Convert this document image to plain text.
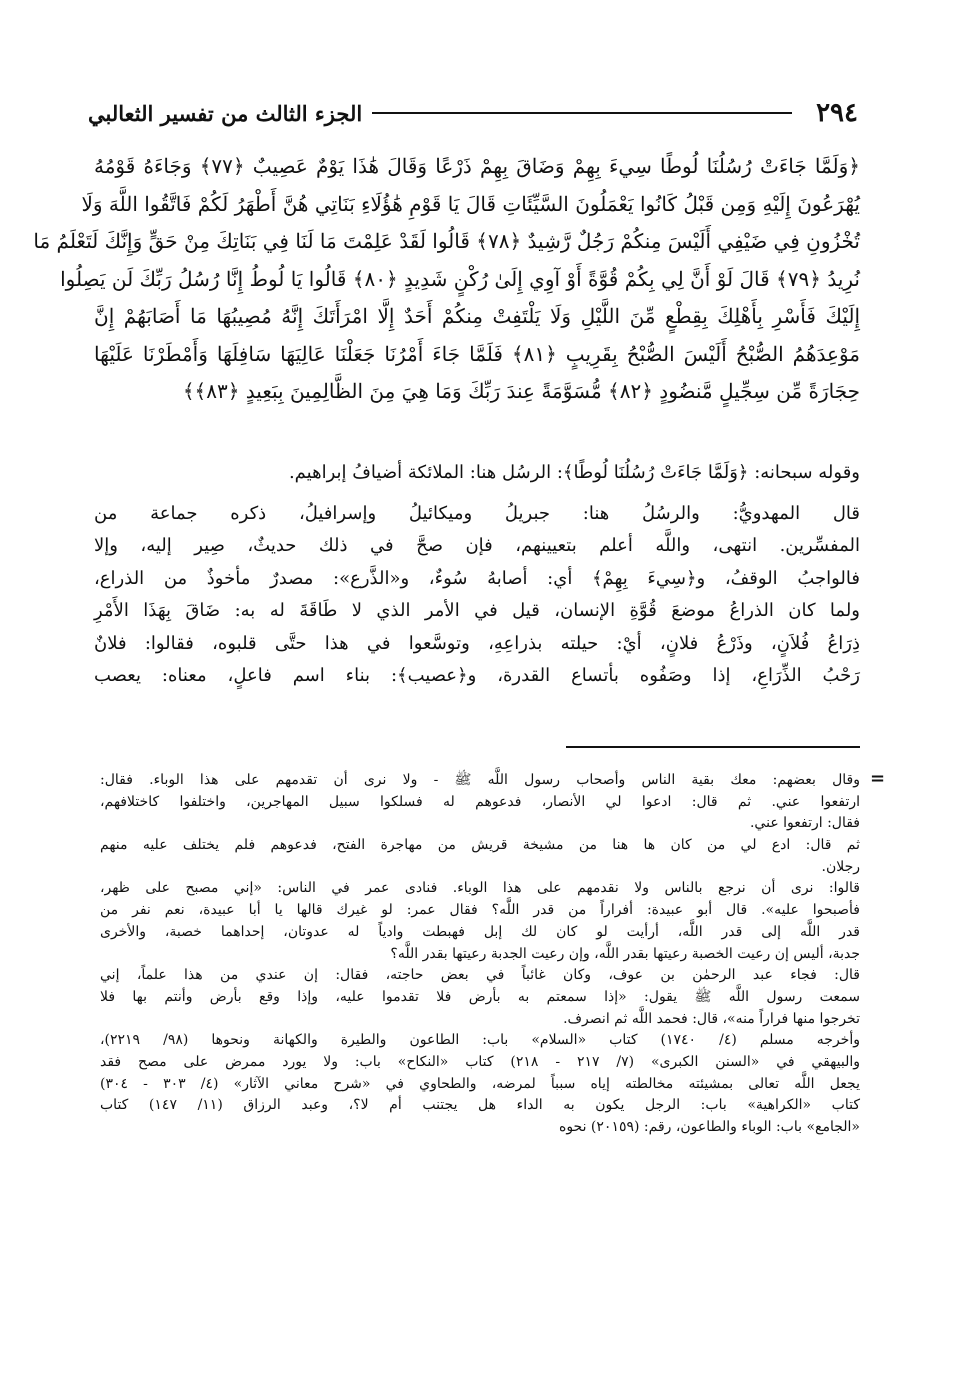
٢٩٤
الجزء الثالث من تفسير الثعالبي
﴿وَلَمَّا جَاءَتْ رُسُلُنَا لُوطًا سِيءَ بِهِمْ وَضَاقَ بِهِمْ ذَرْعًا وَقَالَ هَٰذَا يَوْمٌ عَصِيبٌ ﴿٧٧﴾ وَجَاءَهُ قَوْمُهُ
يُهْرَعُونَ إِلَيْهِ وَمِن قَبْلُ كَانُوا يَعْمَلُونَ السَّيِّئَاتِ قَالَ يَا قَوْمِ هَٰؤُلَاءِ بَنَاتِي هُنَّ أَطْهَرُ لَكُمْ فَاتَّقُوا اللَّهَ وَلَا
تُخْزُونِ فِي ضَيْفِي أَلَيْسَ مِنكُمْ رَجُلٌ رَّشِيدٌ ﴿٧٨﴾ قَالُوا لَقَدْ عَلِمْتَ مَا لَنَا فِي بَنَاتِكَ مِنْ حَقٍّ وَإِنَّكَ لَتَعْلَمُ مَا
نُرِيدُ ﴿٧٩﴾ قَالَ لَوْ أَنَّ لِي بِكُمْ قُوَّةً أَوْ آوِي إِلَىٰ رُكْنٍ شَدِيدٍ ﴿٨٠﴾ قَالُوا يَا لُوطُ إِنَّا رُسُلُ رَبِّكَ لَن يَصِلُوا
إِلَيْكَ فَأَسْرِ بِأَهْلِكَ بِقِطْعٍ مِّنَ اللَّيْلِ وَلَا يَلْتَفِتْ مِنكُمْ أَحَدٌ إِلَّا امْرَأَتَكَ إِنَّهُ مُصِيبُهَا مَا أَصَابَهُمْ إِنَّ
مَوْعِدَهُمُ الصُّبْحُ أَلَيْسَ الصُّبْحُ بِقَرِيبٍ ﴿٨١﴾ فَلَمَّا جَاءَ أَمْرُنَا جَعَلْنَا عَالِيَهَا سَافِلَهَا وَأَمْطَرْنَا عَلَيْهَا
حِجَارَةً مِّن سِجِّيلٍ مَّنضُودٍ ﴿٨٢﴾ مُّسَوَّمَةً عِندَ رَبِّكَ وَمَا هِيَ مِنَ الظَّالِمِينَ بِبَعِيدٍ ﴿٨٣﴾﴾
وقوله سبحانه: ﴿وَلَمَّا جَاءَتْ رُسُلُنَا لُوطًا﴾: الرسُل هنا: الملائكة أضيافُ إبراهيم.
قال المهدويُّ: والرسُلُ هنا: جبريلُ وميكائيلُ وإسرافيلُ، ذكره جماعة من
المفسِّرين. انتهى، واللَّه أعلم بتعيينهم، فإن صحَّ في ذلك حديثٌ، صِير إليه، وإلا
فالواجبُ الوقفُ، و﴿سِيءَ بِهِمْ﴾ أي: أصابهُ سُوءٌ، و«الذَّرع»: مصدرٌ مأخوذٌ من الذراع،
ولما كان الذراعُ موضعَ قُوَّةِ الإنسان، قيل في الأمر الذي لا طَاقَةَ له به: ضَاقَ بِهَذَا الأَمْرِ
ذِرَاعُ فُلاَنٍ، وذَرْعُ فلانٍ، أيْ: حيلته بذراعِهِ، وتوسَّعوا في هذا حتَّى قلبوه، فقالوا: فلانٌ
رَحْبُ الذِّرَاعِ، إذا وصَفُوه بأتساع القدرة، و﴿عصيب﴾: بناء اسم فاعلٍ، معناه: يعصب
=
وقال بعضهم: معك بقية الناس وأصحاب رسول اللَّه ﷺ - ولا نرى أن تقدمهم على هذا الوباء. فقال:
ارتفعوا عني. ثم قال: ادعوا لي الأنصار، فدعوهم له فسلكوا سبيل المهاجرين، واختلفوا كاختلافهم،
فقال: ارتفعوا عني.
ثم قال: ادع لي من كان ها هنا من مشيخة قريش من مهاجرة الفتح، فدعوهم فلم يختلف عليه منهم
رجلان.
قالوا: نرى أن نرجع بالناس ولا نقدمهم على هذا الوباء. فنادى عمر في الناس: «إني مصبح على ظهر،
فأصبحوا عليه». قال أبو عبيدة: أفراراً من قدر اللَّه؟ فقال عمر: لو غيرك قالها يا أبا عبيدة، نعم نفر من
قدر اللَّه إلى قدر اللَّه، أرأيت لو كان لك إبل فهبطت وادياً له عدوتان، إحداهما خصبة، والأخرى
جدبة، أليس إن رعيت الخصبة رعيتها بقدر اللَّه، وإن رعيت الجدبة رعيتها بقدر اللَّه؟
قال: فجاء عبد الرحمٰن بن عوف، وكان غائباً في بعض حاجته، فقال: إن عندي من هذا علماً، إني
سمعت رسول اللَّه ﷺ يقول: «إذا سمعتم به بأرض فلا تقدموا عليه، وإذا وقع بأرض وأنتم بها فلا
تخرجوا منها فراراً منه»، قال: فحمد اللَّه ثم انصرف.
وأخرجه مسلم (٤/ ١٧٤٠) كتاب «السلام» باب: الطاعون والطيرة والكهانة ونحوها (٩٨/ ٢٢١٩)،
والبيهقي في «السنن الكبرى» (٧/ ٢١٧ - ٢١٨) كتاب «النكاح» باب: ولا يورد ممرض على مصح فقد
يجعل اللَّه تعالى بمشيئته مخالطته إياه سبباً لمرضه، والطحاوي في «شرح معاني الآثار» (٤/ ٣٠٣ - ٣٠٤)
كتاب «الكراهية» باب: الرجل يكون به الداء هل يجتنب أم لا؟، وعبد الرزاق (١١/ ١٤٧) كتاب
«الجامع» باب: الوباء والطاعون، رقم: (٢٠١٥٩) نحوه
